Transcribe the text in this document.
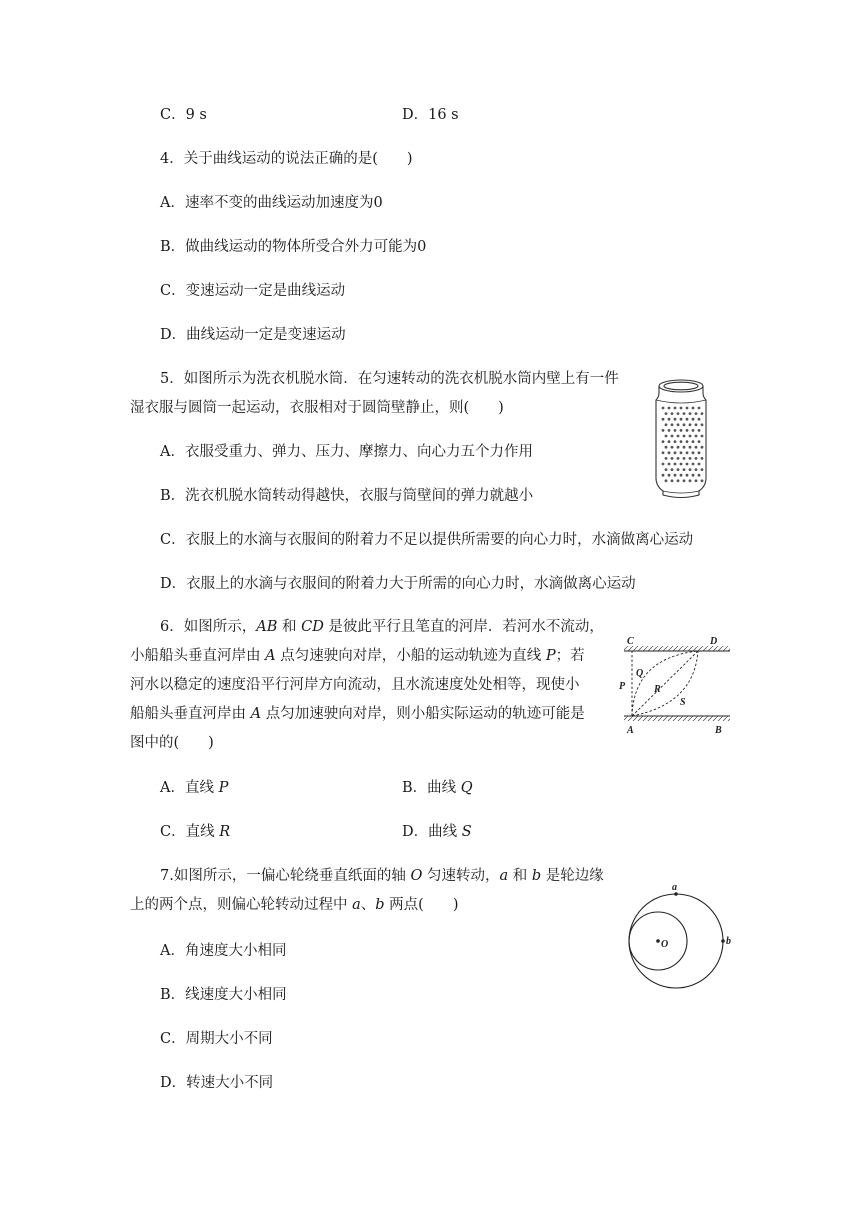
C．9 s	D．16 s
4．关于曲线运动的说法正确的是(　　)
A．速率不变的曲线运动加速度为0
B．做曲线运动的物体所受合外力可能为0
C．变速运动一定是曲线运动
D．曲线运动一定是变速运动
5．如图所示为洗衣机脱水筒．在匀速转动的洗衣机脱水筒内壁上有一件
湿衣服与圆筒一起运动，衣服相对于圆筒壁静止，则(　　)
A．衣服受重力、弹力、压力、摩擦力、向心力五个力作用
B．洗衣机脱水筒转动得越快，衣服与筒壁间的弹力就越小
C．衣服上的水滴与衣服间的附着力不足以提供所需要的向心力时，水滴做离心运动
D．衣服上的水滴与衣服间的附着力大于所需的向心力时，水滴做离心运动
6．如图所示，AB 和 CD 是彼此平行且笔直的河岸．若河水不流动，
小船船头垂直河岸由 A 点匀速驶向对岸，小船的运动轨迹为直线 P；若
河水以稳定的速度沿平行河岸方向流动，且水流速度处处相等，现使小
船船头垂直河岸由 A 点匀加速驶向对岸，则小船实际运动的轨迹可能是
图中的(　　)
A．直线 P	B．曲线 Q
C．直线 R	D．曲线 S
C	D
A	B
P
Q
R
S
7.如图所示，一偏心轮绕垂直纸面的轴 O 匀速转动，a 和 b 是轮边缘
上的两个点，则偏心轮转动过程中 a、b 两点(　　)
A．角速度大小相同
B．线速度大小相同
C．周期大小不同
D．转速大小不同
a
b
O
